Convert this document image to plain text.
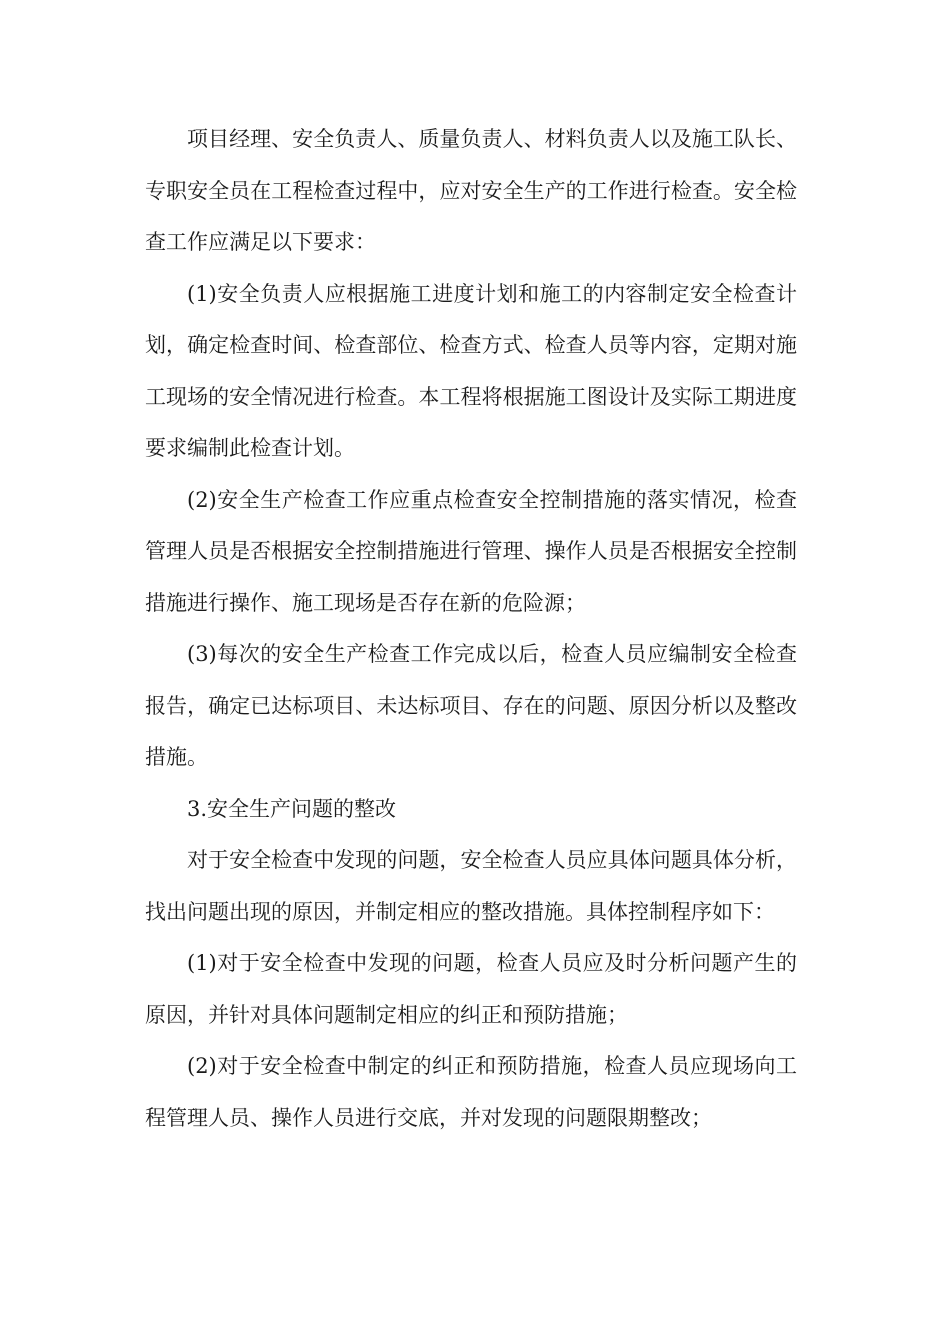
项目经理、安全负责人、质量负责人、材料负责人以及施工队长、专职安全员在工程检查过程中，应对安全生产的工作进行检查。安全检查工作应满足以下要求：

(1)安全负责人应根据施工进度计划和施工的内容制定安全检查计划，确定检查时间、检查部位、检查方式、检查人员等内容，定期对施工现场的安全情况进行检查。本工程将根据施工图设计及实际工期进度要求编制此检查计划。

(2)安全生产检查工作应重点检查安全控制措施的落实情况，检查管理人员是否根据安全控制措施进行管理、操作人员是否根据安全控制措施进行操作、施工现场是否存在新的危险源；

(3)每次的安全生产检查工作完成以后，检查人员应编制安全检查报告，确定已达标项目、未达标项目、存在的问题、原因分析以及整改措施。

3.安全生产问题的整改

对于安全检查中发现的问题，安全检查人员应具体问题具体分析，找出问题出现的原因，并制定相应的整改措施。具体控制程序如下：

(1)对于安全检查中发现的问题，检查人员应及时分析问题产生的原因，并针对具体问题制定相应的纠正和预防措施；

(2)对于安全检查中制定的纠正和预防措施，检查人员应现场向工程管理人员、操作人员进行交底，并对发现的问题限期整改；
